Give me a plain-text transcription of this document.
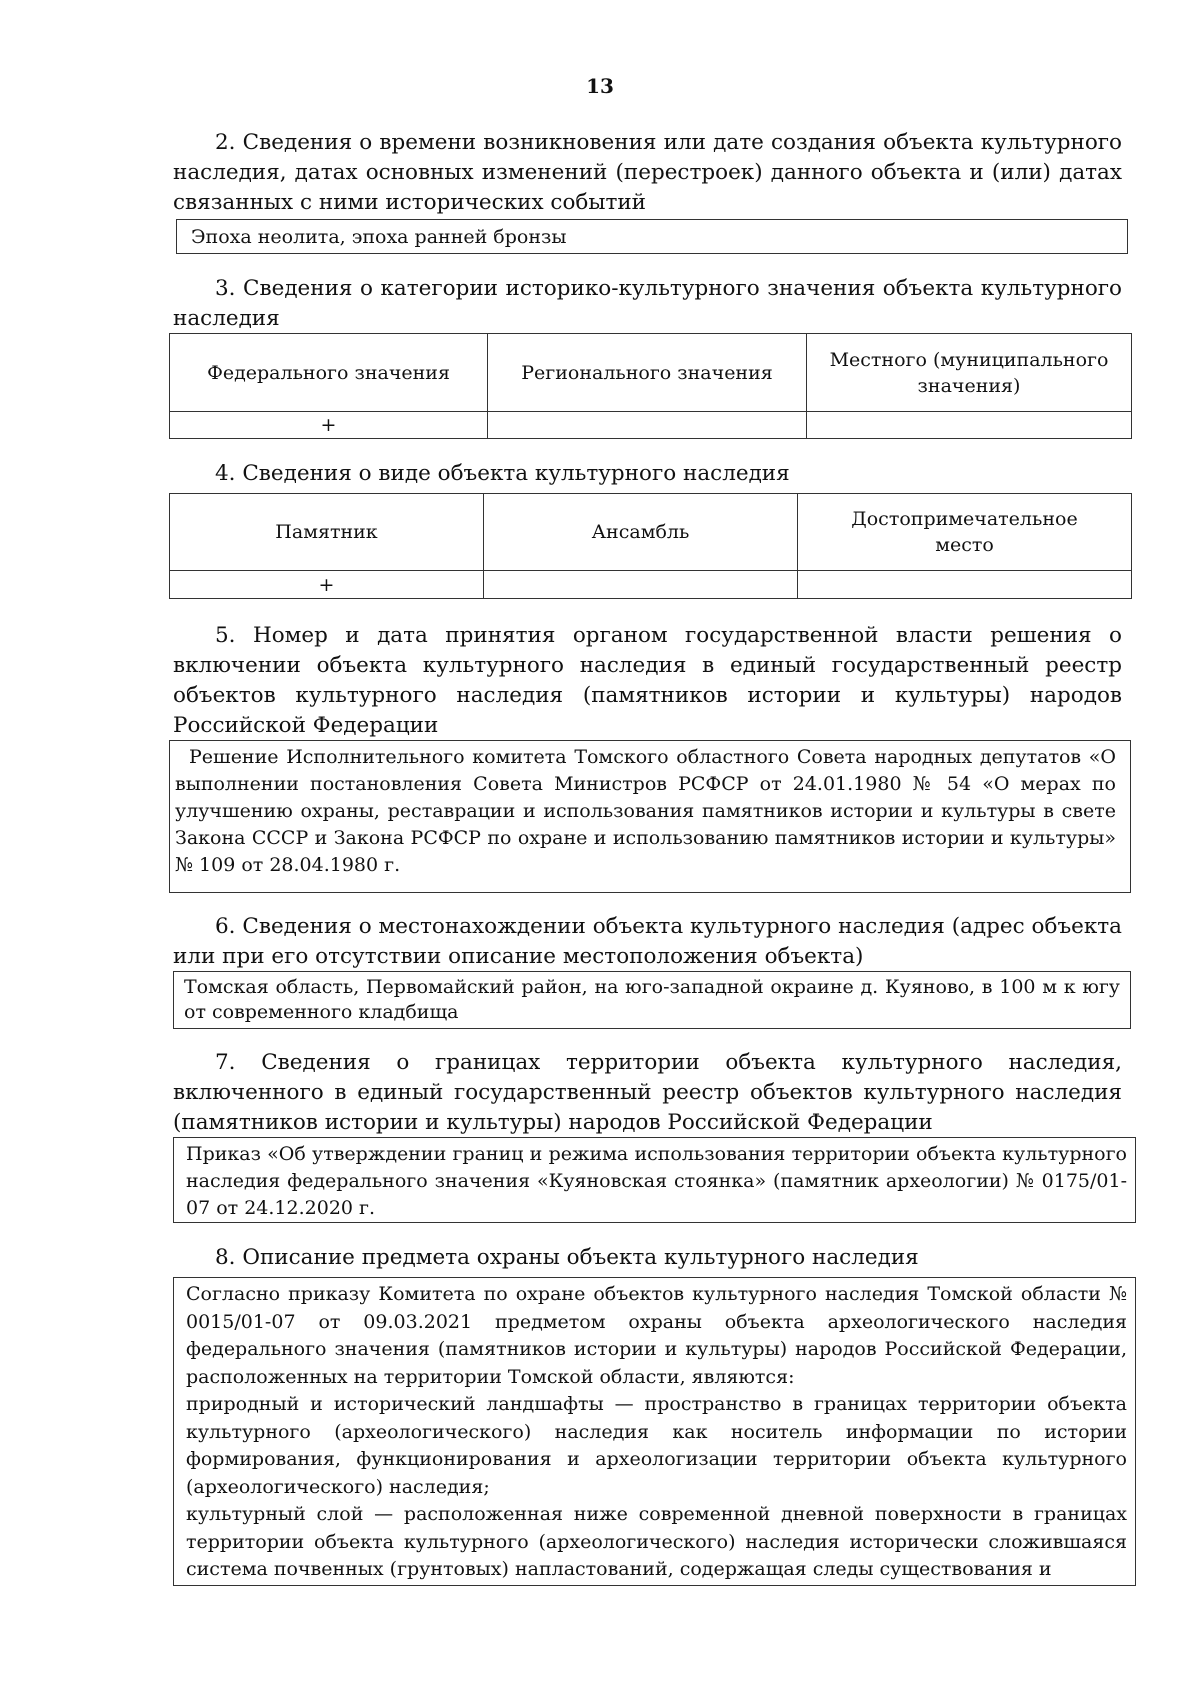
13
2. Сведения о времени возникновения или дате создания объекта культурного наследия, датах основных изменений (перестроек) данного объекта и (или) датах связанных с ними исторических событий
Эпоха неолита, эпоха ранней бронзы
3. Сведения о категории историко-культурного значения объекта культурного наследия
Федерального значения	Регионального значения	Местного (муниципального значения)
+		
4. Сведения о виде объекта культурного наследия
Памятник	Ансамбль	Достопримечательное место
+		
5. Номер и дата принятия органом государственной власти решения о включении объекта культурного наследия в единый государственный реестр объектов культурного наследия (памятников истории и культуры) народов Российской Федерации

Решение Исполнительного комитета Томского областного Совета народных депутатов «О выполнении постановления Совета Министров РСФСР от 24.01.1980 № 54 «О мерах по улучшению охраны, реставрации и использования памятников истории и культуры в свете Закона СССР и Закона РСФСР по охране и использованию памятников истории и культуры» № 109 от 28.04.1980 г.

6. Сведения о местонахождении объекта культурного наследия (адрес объекта или при его отсутствии описание местоположения объекта)

Томская область, Первомайский район, на юго-западной окраине д. Куяново, в 100 м к югу от современного кладбища

7. Сведения о границах территории объекта культурного наследия, включенного в единый государственный реестр объектов культурного наследия (памятников истории и культуры) народов Российской Федерации

Приказ «Об утверждении границ и режима использования территории объекта культурного наследия федерального значения «Куяновская стоянка» (памятник археологии) № 0175/01-07 от 24.12.2020 г.

8. Описание предмета охраны объекта культурного наследия

Согласно приказу Комитета по охране объектов культурного наследия Томской области № 0015/01-07 от 09.03.2021 предметом охраны объекта археологического наследия федерального значения (памятников истории и культуры) народов Российской Федерации, расположенных на территории Томской области, являются:

природный и исторический ландшафты — пространство в границах территории объекта культурного (археологического) наследия как носитель информации по истории формирования, функционирования и археологизации территории объекта культурного (археологического) наследия;

культурный слой — расположенная ниже современной дневной поверхности в границах территории объекта культурного (археологического) наследия исторически сложившаяся система почвенных (грунтовых) напластований, содержащая следы существования и
